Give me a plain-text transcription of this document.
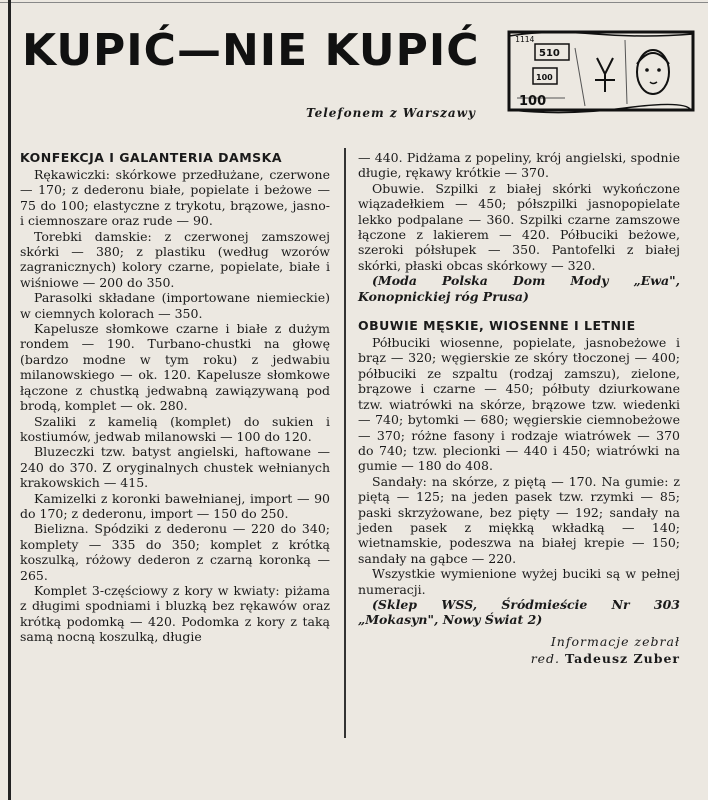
KUPIĆ—NIE KUPIĆ	1114
510
100
100
Telefonem z Warszawy
KONFEKCJA I GALANTERIA DAMSKA

Rękawiczki: skórkowe przedłużane, czerwone — 170; z dederonu białe, popielate i beżowe — 75 do 100; elastyczne z trykotu, brązowe, jasno- i ciemnoszare oraz rude — 90.

Torebki damskie: z czerwonej zamszowej skórki — 380; z plastiku (według wzorów zagranicznych) kolory czarne, popielate, białe i wiśniowe — 200 do 350.

Parasolki składane (importowane niemieckie) w ciemnych kolorach — 350.

Kapelusze słomkowe czarne i białe z dużym rondem — 190. Turbano-chustki na głowę (bardzo modne w tym roku) z jedwabiu milanowskiego — ok. 120. Kapelusze słomkowe łączone z chustką jedwabną zawiązywaną pod brodą, komplet — ok. 280.

Szaliki z kamelią (komplet) do sukien i kostiumów, jedwab milanowski — 100 do 120.

Bluzeczki tzw. batyst angielski, haftowane — 240 do 370. Z oryginalnych chustek wełnianych krakowskich — 415.

Kamizelki z koronki bawełnianej, import — 90 do 170; z dederonu, import — 150 do 250.

Bielizna. Spódziki z dederonu — 220 do 340; komplety — 335 do 350; komplet z krótką koszulką, różowy dederon z czarną koronką — 265.

Komplet 3-częściowy z kory w kwiaty: piżama z długimi spodniami i bluzką bez rękawów oraz krótką podomką — 420. Podomka z kory z taką samą nocną koszulką, długie

— 440. Pidżama z popeliny, krój angielski, spodnie długie, rękawy krótkie — 370.

Obuwie. Szpilki z białej skórki wykończone wiązadełkiem — 450; półszpilki jasnopopielate lekko podpalane — 360. Szpilki czarne zamszowe łączone z lakierem — 420. Półbuciki beżowe, szeroki półsłupek — 350. Pantofelki z białej skórki, płaski obcas skórkowy — 320.

(Moda Polska Dom Mody „Ewa", Konopnickiej róg Prusa)

OBUWIE MĘSKIE, WIOSENNE I LETNIE

Półbuciki wiosenne, popielate, jasnobeżowe i brąz — 320; węgierskie ze skóry tłoczonej — 400; półbuciki ze szpaltu (rodzaj zamszu), zielone, brązowe i czarne — 450; półbuty dziurkowane tzw. wiatrówki na skórze, brązowe tzw. wiedenki — 740; bytomki — 680; węgierskie ciemnobeżowe — 370; różne fasony i rodzaje wiatrówek — 370 do 740; tzw. plecionki — 440 i 450; wiatrówki na gumie — 180 do 408.

Sandały: na skórze, z piętą — 170. Na gumie: z piętą — 125; na jeden pasek tzw. rzymki — 85; paski skrzyżowane, bez pięty — 192; sandały na jeden pasek z miękką wkładką — 140; wietnamskie, podeszwa na białej krepie — 150; sandały na gąbce — 220.

Wszystkie wymienione wyżej buciki są w pełnej numeracji.

(Sklep WSS, Śródmieście Nr 303 „Mokasyn", Nowy Świat 2)

Informacje zebrał

red. Tadeusz Zuber
